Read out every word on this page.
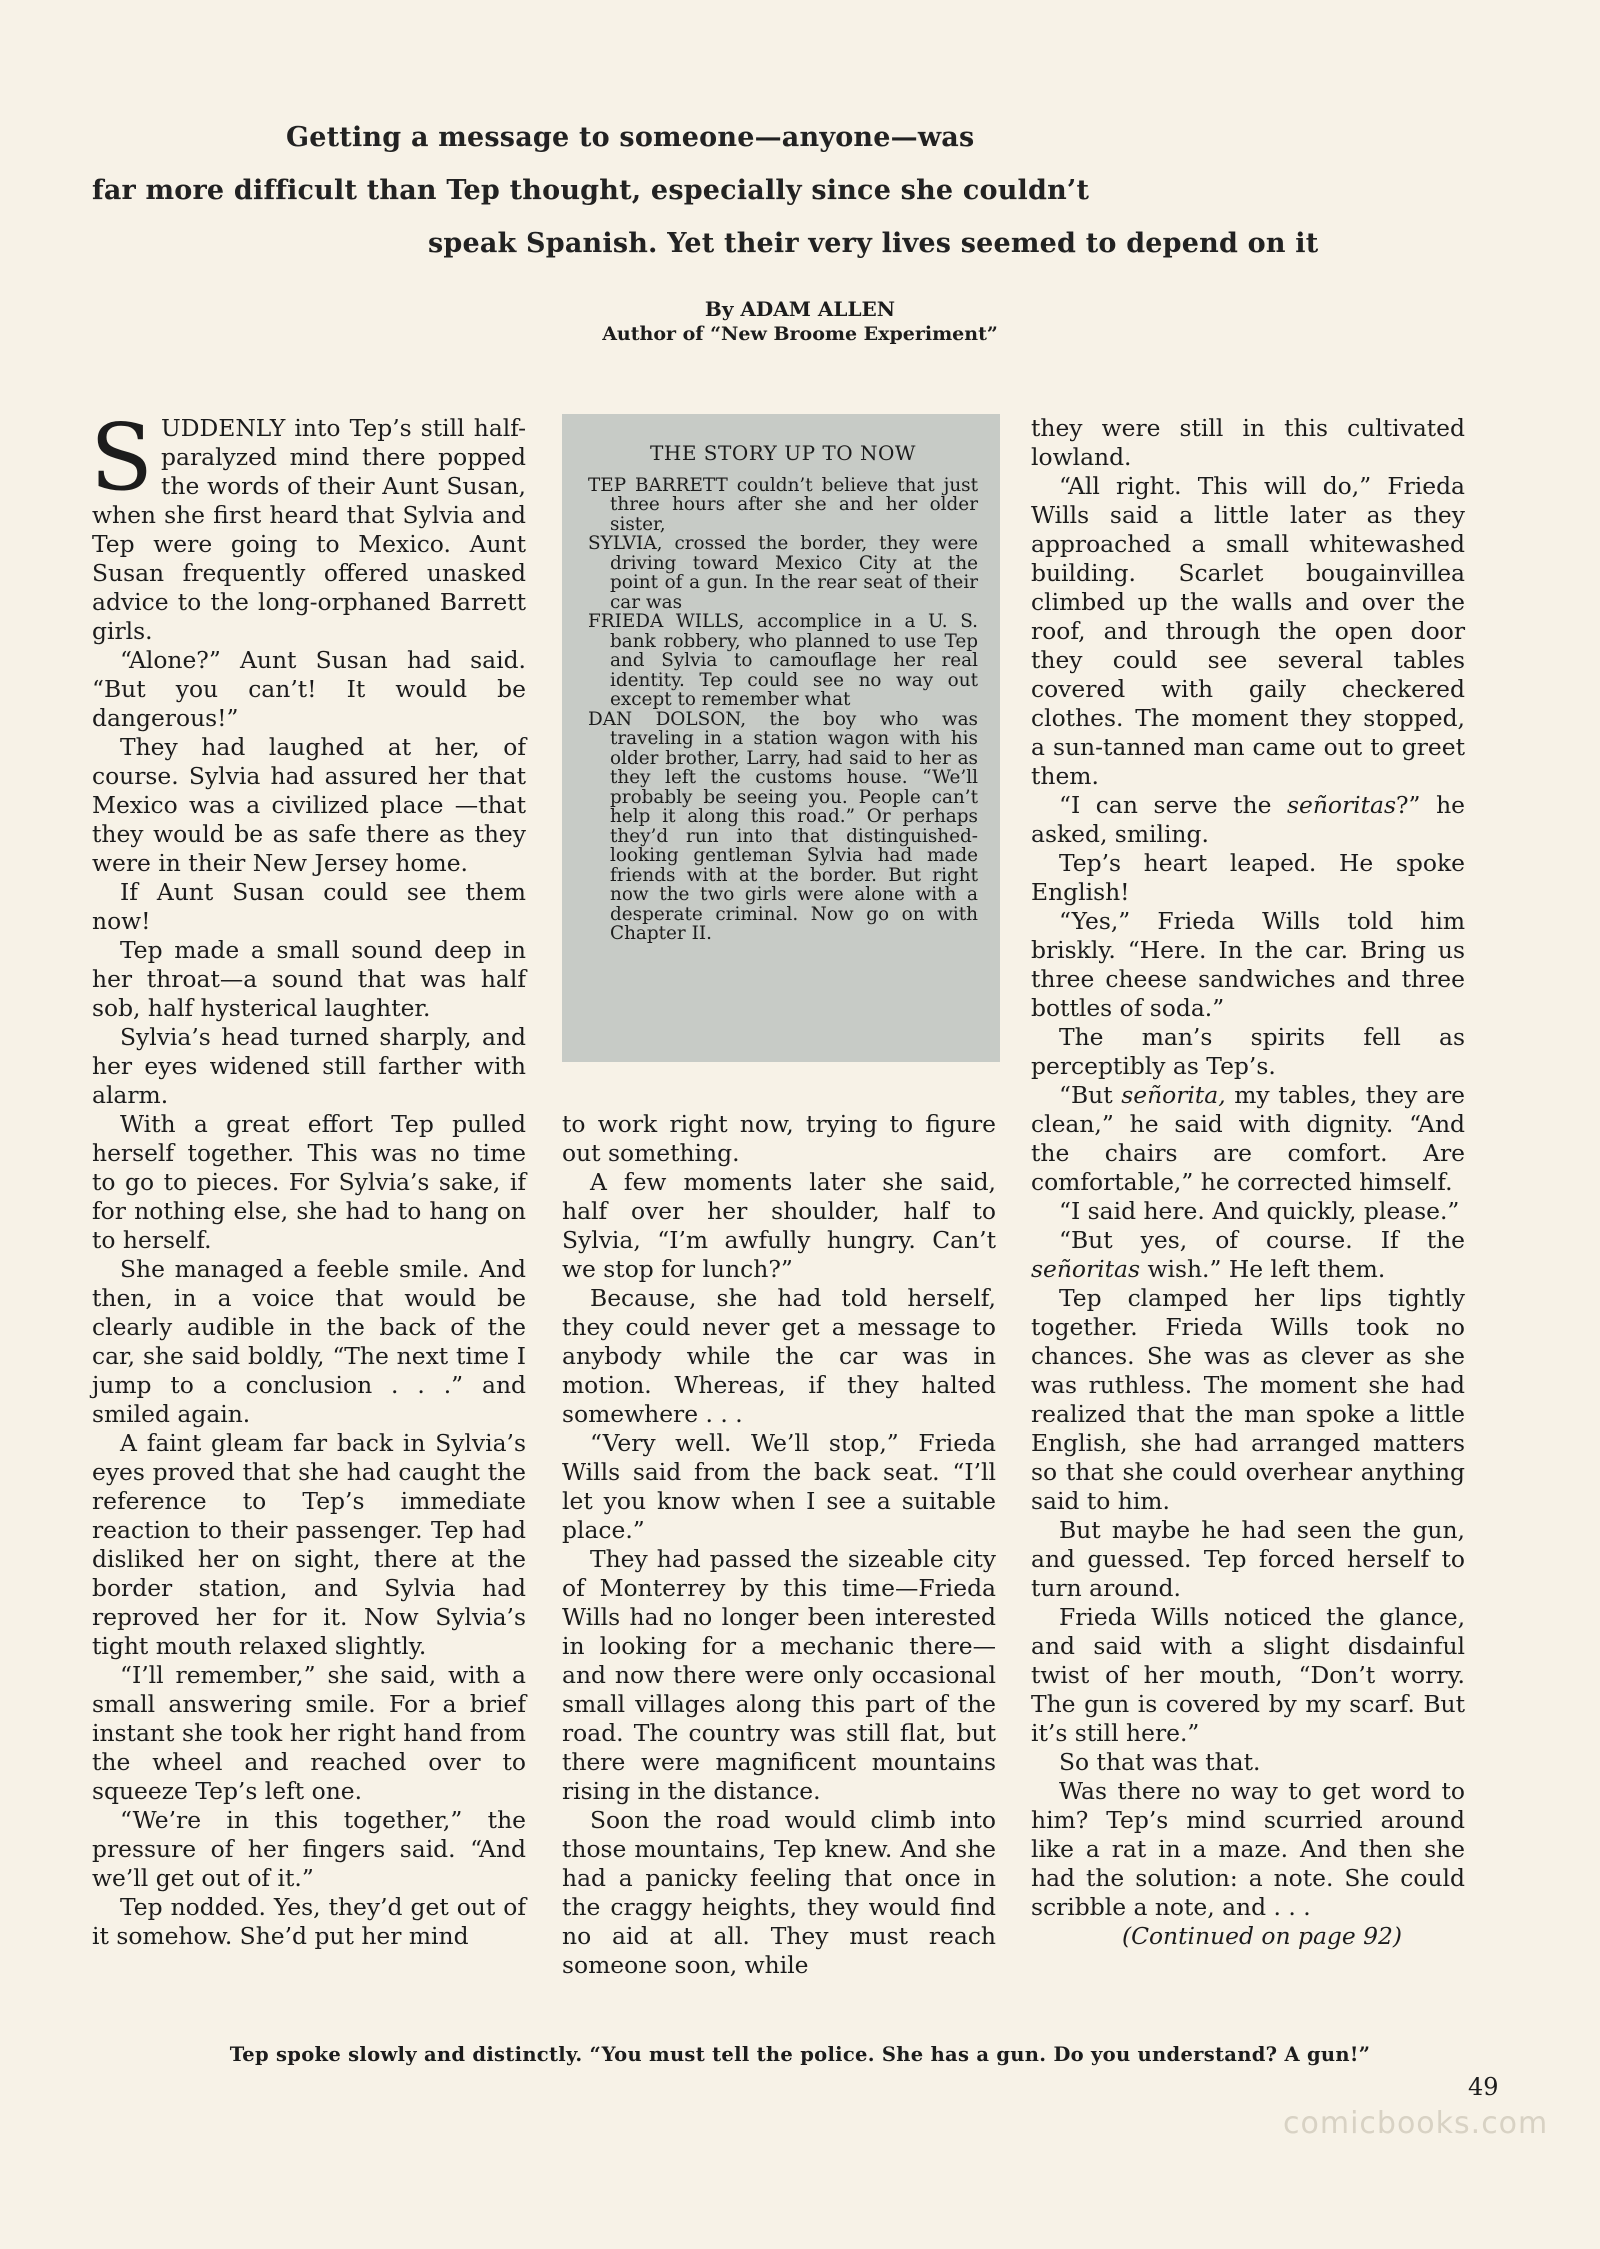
Getting a message to someone—anyone—was
far more difficult than Tep thought, especially since she couldn’t
speak Spanish. Yet their very lives seemed to depend on it
By ADAM ALLEN
Author of “New Broome Experiment”

SUDDENLY into Tep’s still half-paralyzed mind there popped the words of their Aunt Susan, when she first heard that Sylvia and Tep were going to Mexico. Aunt Susan frequently offered unasked advice to the long-orphaned Barrett girls.

“Alone?” Aunt Susan had said. “But you can’t! It would be dangerous!”

They had laughed at her, of course. Sylvia had assured her that Mexico was a civilized place —that they would be as safe there as they were in their New Jersey home.

If Aunt Susan could see them now!

Tep made a small sound deep in her throat—a sound that was half sob, half hysterical laughter.

Sylvia’s head turned sharply, and her eyes widened still farther with alarm.

With a great effort Tep pulled herself together. This was no time to go to pieces. For Sylvia’s sake, if for nothing else, she had to hang on to herself.

She managed a feeble smile. And then, in a voice that would be clearly audible in the back of the car, she said boldly, “The next time I jump to a conclusion . . .” and smiled again.

A faint gleam far back in Sylvia’s eyes proved that she had caught the reference to Tep’s immediate reaction to their passenger. Tep had disliked her on sight, there at the border station, and Sylvia had reproved her for it. Now Sylvia’s tight mouth relaxed slightly.

“I’ll remember,” she said, with a small answering smile. For a brief instant she took her right hand from the wheel and reached over to squeeze Tep’s left one.

“We’re in this together,” the pressure of her fingers said. “And we’ll get out of it.”

Tep nodded. Yes, they’d get out of it somehow. She’d put her mind

THE STORY UP TO NOW

TEP BARRETT couldn’t believe that just three hours after she and her older sister,

SYLVIA, crossed the border, they were driving toward Mexico City at the point of a gun. In the rear seat of their car was

FRIEDA WILLS, accomplice in a U. S. bank robbery, who planned to use Tep and Sylvia to camouflage her real identity. Tep could see no way out except to remember what

DAN DOLSON, the boy who was traveling in a station wagon with his older brother, Larry, had said to her as they left the customs house. “We’ll probably be seeing you. People can’t help it along this road.” Or perhaps they’d run into that distinguished-looking gentleman Sylvia had made friends with at the border. But right now the two girls were alone with a desperate criminal. Now go on with Chapter II.

to work right now, trying to figure out something.

A few moments later she said, half over her shoulder, half to Sylvia, “I’m awfully hungry. Can’t we stop for lunch?”

Because, she had told herself, they could never get a message to anybody while the car was in motion. Whereas, if they halted somewhere . . .

“Very well. We’ll stop,” Frieda Wills said from the back seat. “I’ll let you know when I see a suitable place.”

They had passed the sizeable city of Monterrey by this time—Frieda Wills had no longer been interested in looking for a mechanic there—and now there were only occasional small villages along this part of the road. The country was still flat, but there were magnificent mountains rising in the distance.

Soon the road would climb into those mountains, Tep knew. And she had a panicky feeling that once in the craggy heights, they would find no aid at all. They must reach someone soon, while

they were still in this cultivated lowland.

“All right. This will do,” Frieda Wills said a little later as they approached a small whitewashed building. Scarlet bougainvillea climbed up the walls and over the roof, and through the open door they could see several tables covered with gaily checkered clothes. The moment they stopped, a sun-tanned man came out to greet them.

“I can serve the señoritas?” he asked, smiling.

Tep’s heart leaped. He spoke English!

“Yes,” Frieda Wills told him briskly. “Here. In the car. Bring us three cheese sandwiches and three bottles of soda.”

The man’s spirits fell as perceptibly as Tep’s.

“But señorita, my tables, they are clean,” he said with dignity. “And the chairs are comfort. Are comfortable,” he corrected himself.

“I said here. And quickly, please.”

“But yes, of course. If the señoritas wish.” He left them.

Tep clamped her lips tightly together. Frieda Wills took no chances. She was as clever as she was ruthless. The moment she had realized that the man spoke a little English, she had arranged matters so that she could overhear anything said to him.

But maybe he had seen the gun, and guessed. Tep forced herself to turn around.

Frieda Wills noticed the glance, and said with a slight disdainful twist of her mouth, “Don’t worry. The gun is covered by my scarf. But it’s still here.”

So that was that.

Was there no way to get word to him? Tep’s mind scurried around like a rat in a maze. And then she had the solution: a note. She could scribble a note, and . . .

(Continued on page 92)

Tep spoke slowly and distinctly. “You must tell the police. She has a gun. Do you understand? A gun!”
49
comicbooks.com
